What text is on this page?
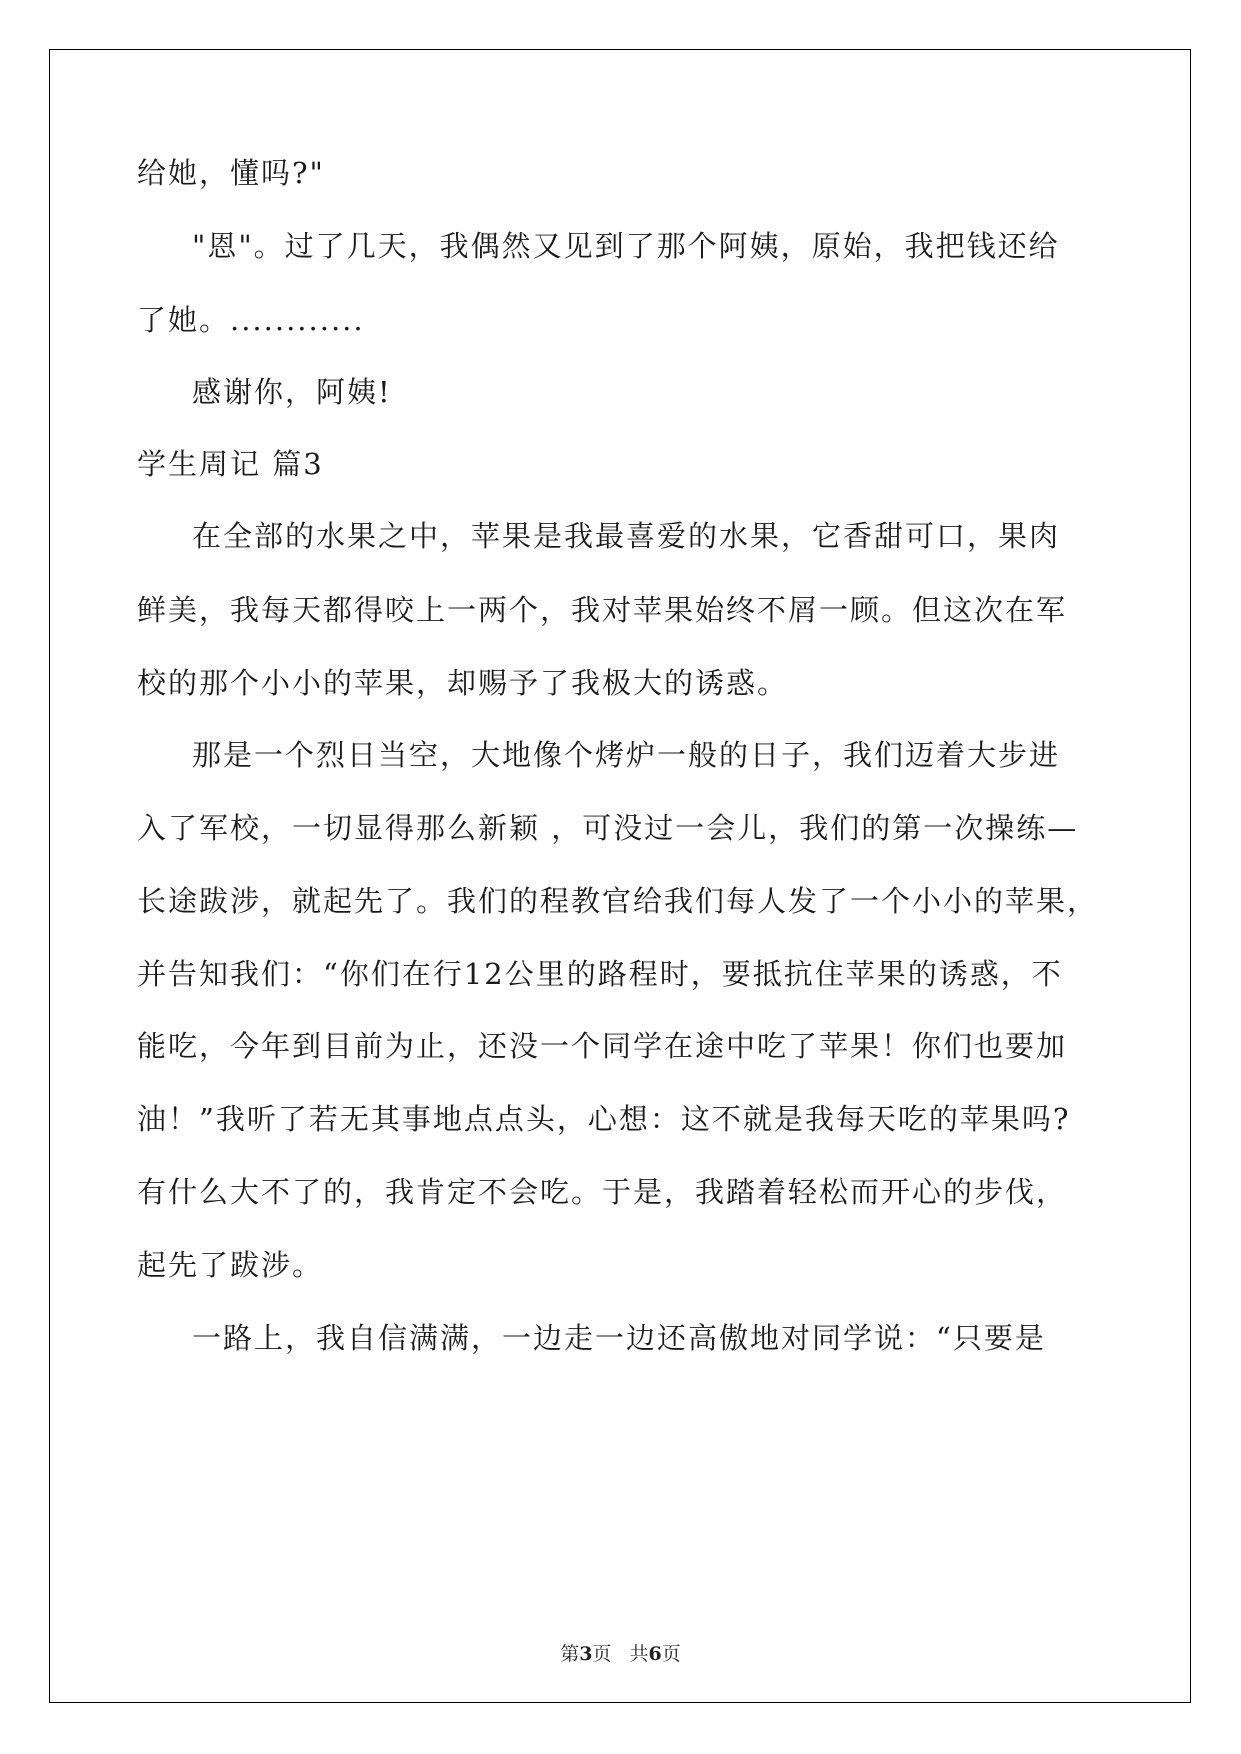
给她，懂吗?"
"恩"。过了几天，我偶然又见到了那个阿姨，原始，我把钱还给
了她。............
感谢你，阿姨!
学生周记 篇3
在全部的水果之中，苹果是我最喜爱的水果，它香甜可口，果肉
鲜美，我每天都得咬上一两个，我对苹果始终不屑一顾。但这次在军
校的那个小小的苹果，却赐予了我极大的诱惑。
那是一个烈日当空，大地像个烤炉一般的日子，我们迈着大步进
入了军校，一切显得那么新颖 ，可没过一会儿，我们的第一次操练—
长途跋涉，就起先了。我们的程教官给我们每人发了一个小小的苹果，
并告知我们：“你们在行12公里的路程时，要抵抗住苹果的诱惑，不
能吃，今年到目前为止，还没一个同学在途中吃了苹果！你们也要加
油！”我听了若无其事地点点头，心想：这不就是我每天吃的苹果吗?
有什么大不了的，我肯定不会吃。于是，我踏着轻松而开心的步伐，
起先了跋涉。
一路上，我自信满满，一边走一边还高傲地对同学说：“只要是
第3页 共6页
